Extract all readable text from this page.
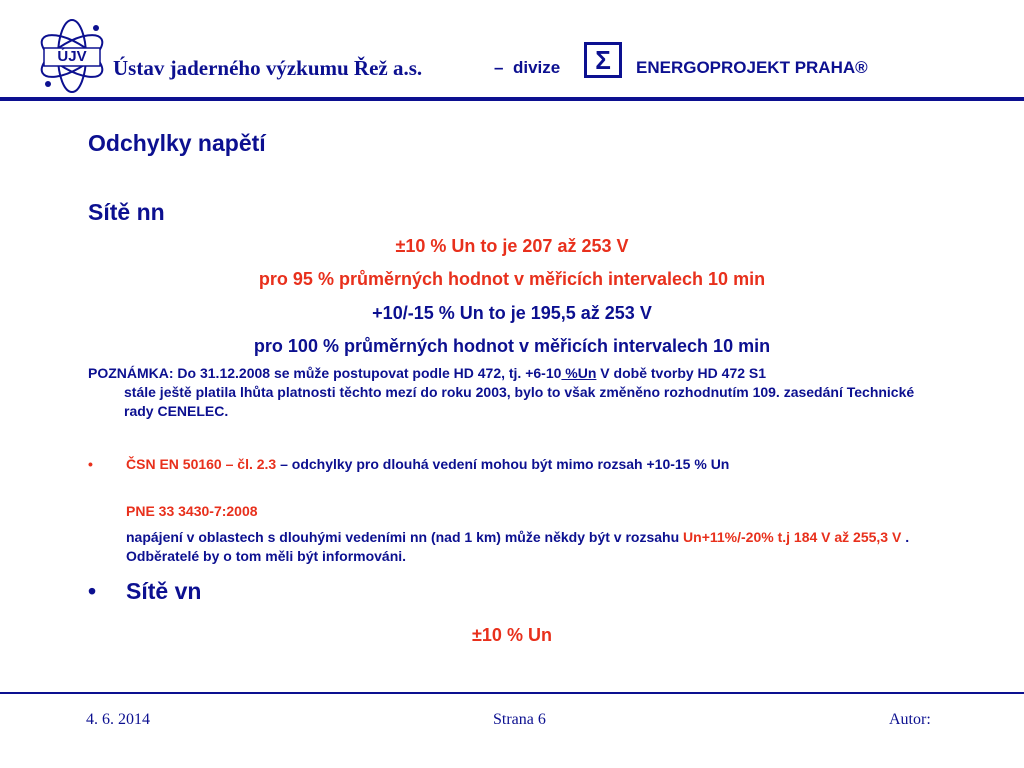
ÚJV	Ústav jaderného výzkumu Řež a.s.	– divize	Σ	ENERGOPROJEKT PRAHA®
Odchylky napětí
Sítě nn
±10 % Un to je 207 až 253 V
pro 95 % průměrných hodnot v měřicích intervalech 10 min
+10/-15 % Un to je 195,5 až 253 V
pro 100 % průměrných hodnot v měřicích intervalech 10 min
POZNÁMKA: Do 31.12.2008 se může postupovat podle HD 472, tj. +6-10 %Un V době tvorby HD 472 S1
stále ještě platila lhůta platnosti těchto mezí do roku 2003, bylo to však změněno rozhodnutím 109. zasedání Technické rady CENELEC.
• ČSN EN 50160 – čl. 2.3 – odchylky pro dlouhá vedení mohou být mimo rozsah +10-15 % Un
PNE 33 3430-7:2008
napájení v oblastech s dlouhými vedeními nn (nad 1 km) může někdy být v rozsahu Un+11%/-20% t.j 184 V až 255,3 V . Odběratelé by o tom měli být informováni.
• Sítě vn
±10 % Un
4. 6. 2014	Strana 6	Autor:
